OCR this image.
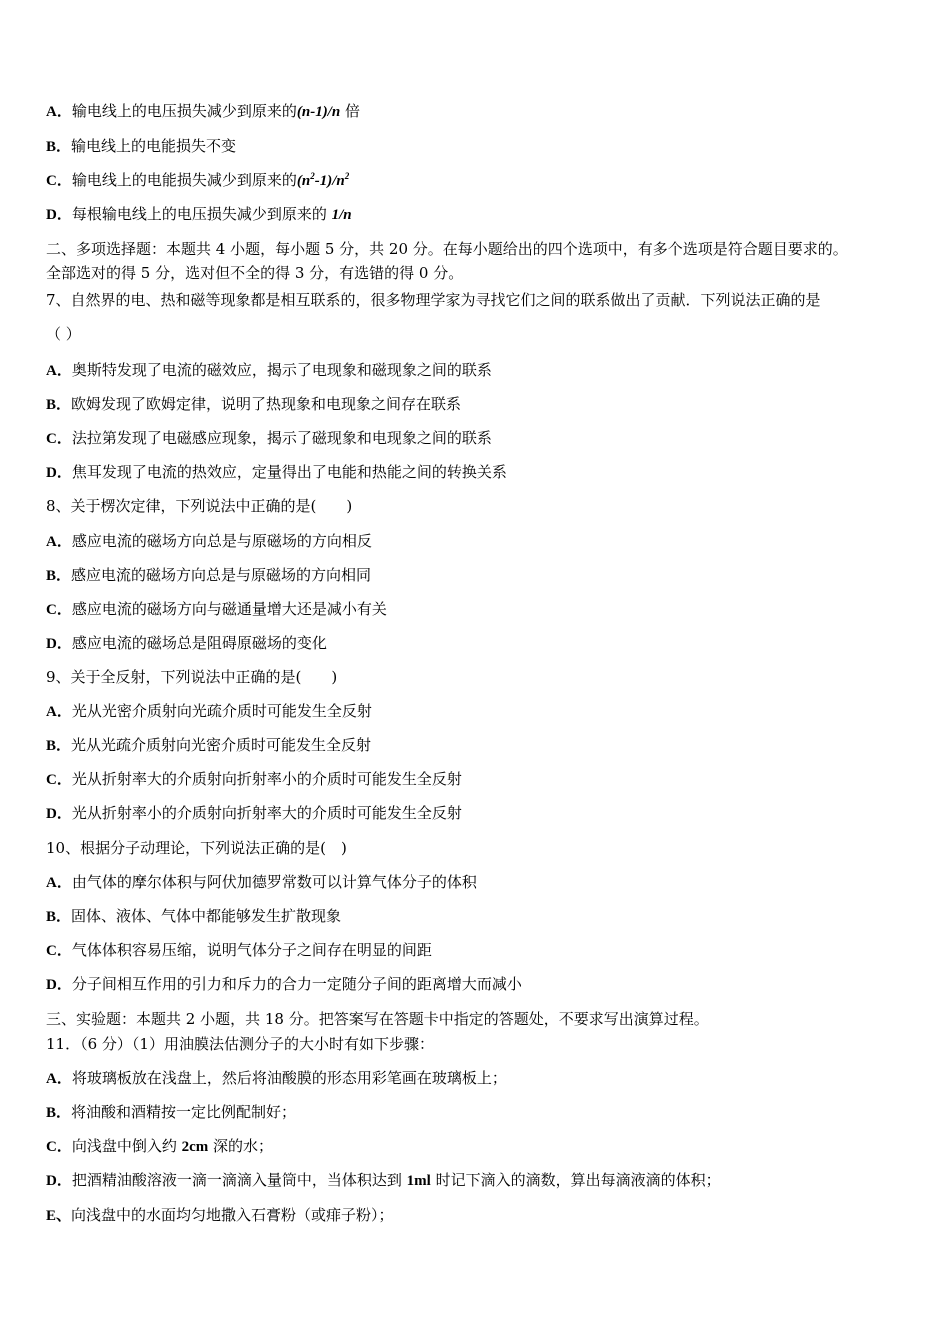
A．输电线上的电压损失减少到原来的(n-1)/n 倍
B．输电线上的电能损失不变
C．输电线上的电能损失减少到原来的$(n^2-1)/n^2$
D．每根输电线上的电压损失减少到原来的 1/n
二、多项选择题：本题共 4 小题，每小题 5 分，共 20 分。在每小题给出的四个选项中，有多个选项是符合题目要求的。
全部选对的得 5 分，选对但不全的得 3 分，有选错的得 0 分。
7、自然界的电、热和磁等现象都是相互联系的，很多物理学家为寻找它们之间的联系做出了贡献．下列说法正确的是
（ ）
A．奥斯特发现了电流的磁效应，揭示了电现象和磁现象之间的联系
B．欧姆发现了欧姆定律，说明了热现象和电现象之间存在联系
C．法拉第发现了电磁感应现象，揭示了磁现象和电现象之间的联系
D．焦耳发现了电流的热效应，定量得出了电能和热能之间的转换关系
8、关于楞次定律，下列说法中正确的是(　　)
A．感应电流的磁场方向总是与原磁场的方向相反
B．感应电流的磁场方向总是与原磁场的方向相同
C．感应电流的磁场方向与磁通量增大还是减小有关
D．感应电流的磁场总是阻碍原磁场的变化
9、关于全反射，下列说法中正确的是(　　)
A．光从光密介质射向光疏介质时可能发生全反射
B．光从光疏介质射向光密介质时可能发生全反射
C．光从折射率大的介质射向折射率小的介质时可能发生全反射
D．光从折射率小的介质射向折射率大的介质时可能发生全反射
10、根据分子动理论，下列说法正确的是(　)
A．由气体的摩尔体积与阿伏加德罗常数可以计算气体分子的体积
B．固体、液体、气体中都能够发生扩散现象
C．气体体积容易压缩，说明气体分子之间存在明显的间距
D．分子间相互作用的引力和斥力的合力一定随分子间的距离增大而减小
三、实验题：本题共 2 小题，共 18 分。把答案写在答题卡中指定的答题处，不要求写出演算过程。
11．（6 分）（1）用油膜法估测分子的大小时有如下步骤：
A．将玻璃板放在浅盘上，然后将油酸膜的形态用彩笔画在玻璃板上；
B．将油酸和酒精按一定比例配制好；
C．向浅盘中倒入约 2cm 深的水；
D．把酒精油酸溶液一滴一滴滴入量筒中，当体积达到 1ml 时记下滴入的滴数，算出每滴液滴的体积；
E、向浅盘中的水面均匀地撒入石膏粉（或痱子粉）；
